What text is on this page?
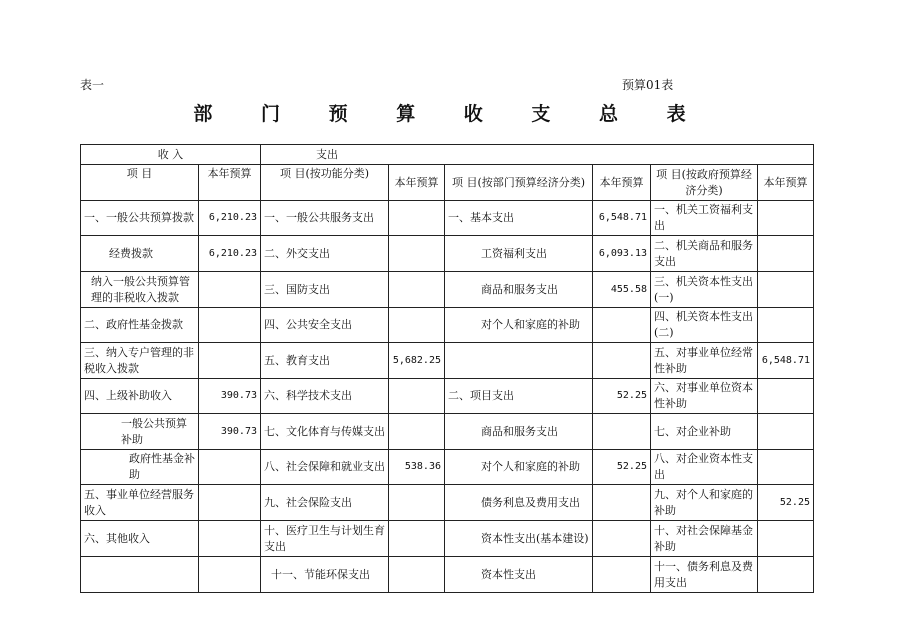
表一	预算01表
部 门 预 算 收 支 总 表
收 入		支出					
项 目	本年预算	项 目(按功能分类)	本年预算	项 目(按部门预算经济分类)	本年预算	项 目(按政府预算经济分类)	本年预算
一、一般公共预算拨款	6,210.23	一、一般公共服务支出		一、基本支出	6,548.71	一、机关工资福利支出	
经费拨款	6,210.23	二、外交支出		工资福利支出	6,093.13	二、机关商品和服务支出	
纳入一般公共预算管理的非税收入拨款		三、国防支出		商品和服务支出	455.58	三、机关资本性支出(一)	
二、政府性基金拨款		四、公共安全支出		对个人和家庭的补助		四、机关资本性支出(二)	
三、纳入专户管理的非税收入拨款		五、教育支出	5,682.25			五、对事业单位经常性补助	6,548.71
四、上级补助收入	390.73	六、科学技术支出		二、项目支出	52.25	六、对事业单位资本性补助	
一般公共预算补助	390.73	七、文化体育与传媒支出		商品和服务支出		七、对企业补助	
政府性基金补助		八、社会保障和就业支出	538.36	对个人和家庭的补助	52.25	八、对企业资本性支出	
五、事业单位经营服务收入		九、社会保险支出		债务利息及费用支出		九、对个人和家庭的补助	52.25
六、其他收入		十、医疗卫生与计划生育支出		资本性支出(基本建设)		十、对社会保障基金补助	
		十一、节能环保支出		资本性支出		十一、债务利息及费用支出	
